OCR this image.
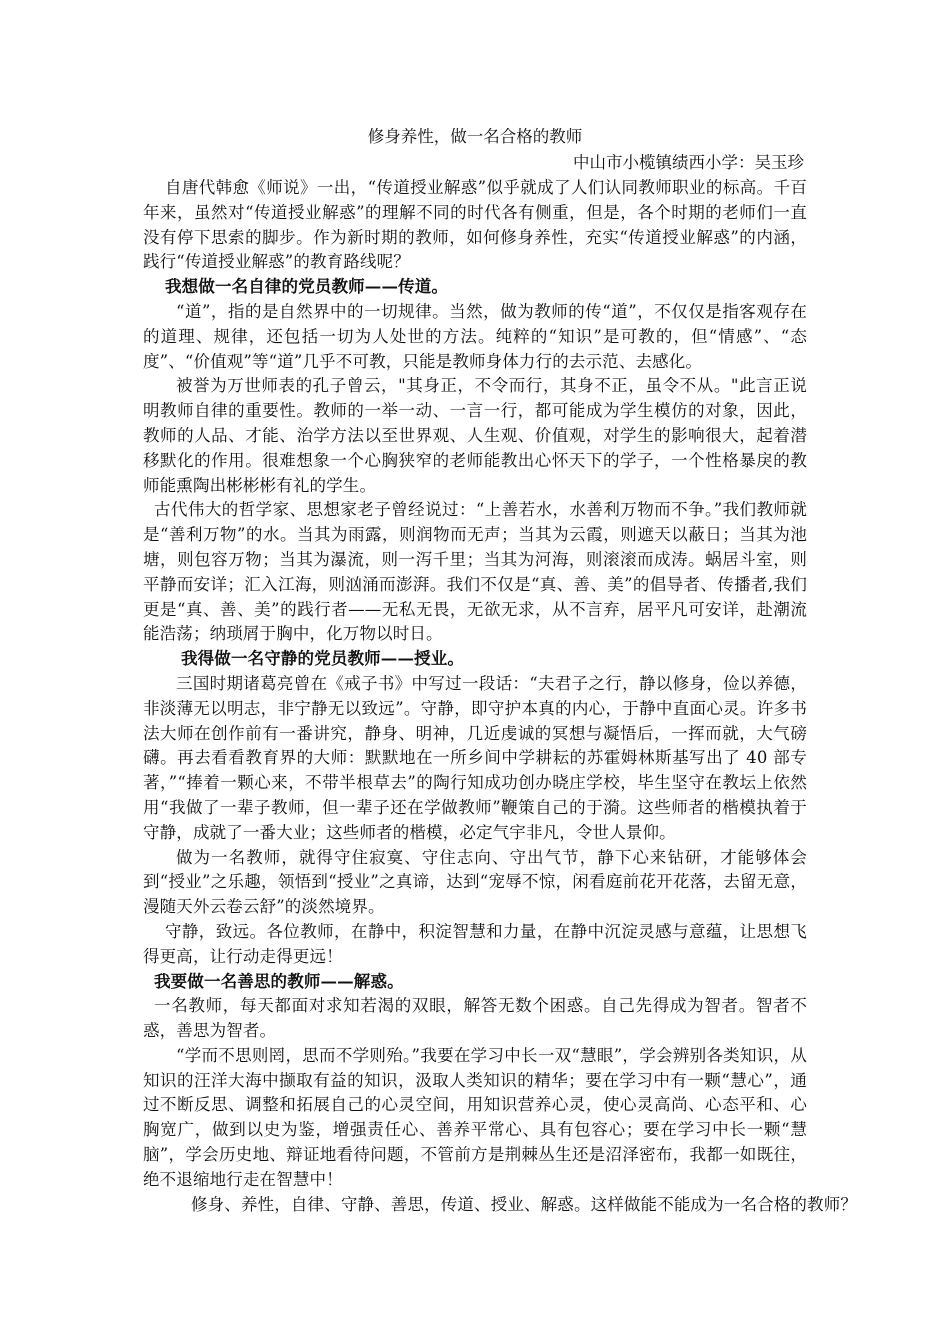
修身养性，做一名合格的教师
中山市小榄镇绩西小学：吴玉珍

自唐代韩愈《师说》一出，“传道授业解惑”似乎就成了人们认同教师职业的标高。千百年来，虽然对“传道授业解惑”的理解不同的时代各有侧重，但是，各个时期的老师们一直没有停下思索的脚步。作为新时期的教师，如何修身养性，充实“传道授业解惑”的内涵，践行“传道授业解惑”的教育路线呢？

我想做一名自律的党员教师——传道。

“道”，指的是自然界中的一切规律。当然，做为教师的传“道”，不仅仅是指客观存在的道理、规律，还包括一切为人处世的方法。纯粹的“知识”是可教的，但“情感”、“态度”、“价值观”等“道”几乎不可教，只能是教师身体力行的去示范、去感化。

被誉为万世师表的孔子曾云，"其身正，不令而行，其身不正，虽令不从。"此言正说明教师自律的重要性。教师的一举一动、一言一行，都可能成为学生模仿的对象，因此，教师的人品、才能、治学方法以至世界观、人生观、价值观，对学生的影响很大，起着潜移默化的作用。很难想象一个心胸狭窄的老师能教出心怀天下的学子，一个性格暴戾的教师能熏陶出彬彬彬有礼的学生。

古代伟大的哲学家、思想家老子曾经说过：“上善若水，水善利万物而不争。”我们教师就是“善利万物”的水。当其为雨露，则润物而无声；当其为云霞，则遮天以蔽日；当其为池塘，则包容万物；当其为瀑流，则一泻千里；当其为河海，则滚滚而成涛。蜗居斗室，则平静而安详；汇入江海，则汹涌而澎湃。我们不仅是“真、善、美”的倡导者、传播者,我们更是“真、善、美”的践行者——无私无畏，无欲无求，从不言弃，居平凡可安详，赴潮流能浩荡；纳琐屑于胸中，化万物以时日。

我得做一名守静的党员教师——授业。

三国时期诸葛亮曾在《戒子书》中写过一段话：“夫君子之行，静以修身，俭以养德，非淡薄无以明志，非宁静无以致远”。守静，即守护本真的内心，于静中直面心灵。许多书法大师在创作前有一番讲究，静身、明神，几近虔诚的冥想与凝悟后，一挥而就，大气磅礴。再去看看教育界的大师：默默地在一所乡间中学耕耘的苏霍姆林斯基写出了 40 部专著，”“捧着一颗心来，不带半根草去”的陶行知成功创办晓庄学校，毕生坚守在教坛上依然用“我做了一辈子教师，但一辈子还在学做教师”鞭策自己的于漪。这些师者的楷模执着于守静，成就了一番大业；这些师者的楷模，必定气宇非凡，令世人景仰。

做为一名教师，就得守住寂寞、守住志向、守出气节，静下心来钻研，才能够体会到“授业”之乐趣，领悟到“授业”之真谛，达到“宠辱不惊，闲看庭前花开花落，去留无意，漫随天外云卷云舒”的淡然境界。

守静，致远。各位教师，在静中，积淀智慧和力量，在静中沉淀灵感与意蕴，让思想飞得更高，让行动走得更远！

我要做一名善思的教师——解惑。

一名教师，每天都面对求知若渴的双眼，解答无数个困惑。自己先得成为智者。智者不惑，善思为智者。

“学而不思则罔，思而不学则殆。”我要在学习中长一双“慧眼”，学会辨别各类知识，从知识的汪洋大海中撷取有益的知识，汲取人类知识的精华；要在学习中有一颗“慧心”，通过不断反思、调整和拓展自己的心灵空间，用知识营养心灵，使心灵高尚、心态平和、心胸宽广，做到以史为鉴，增强责任心、善养平常心、具有包容心；要在学习中长一颗“慧脑”，学会历史地、辩证地看待问题，不管前方是荆棘丛生还是沼泽密布，我都一如既往，绝不退缩地行走在智慧中！

修身、养性，自律、守静、善思，传道、授业、解惑。这样做能不能成为一名合格的教师？
